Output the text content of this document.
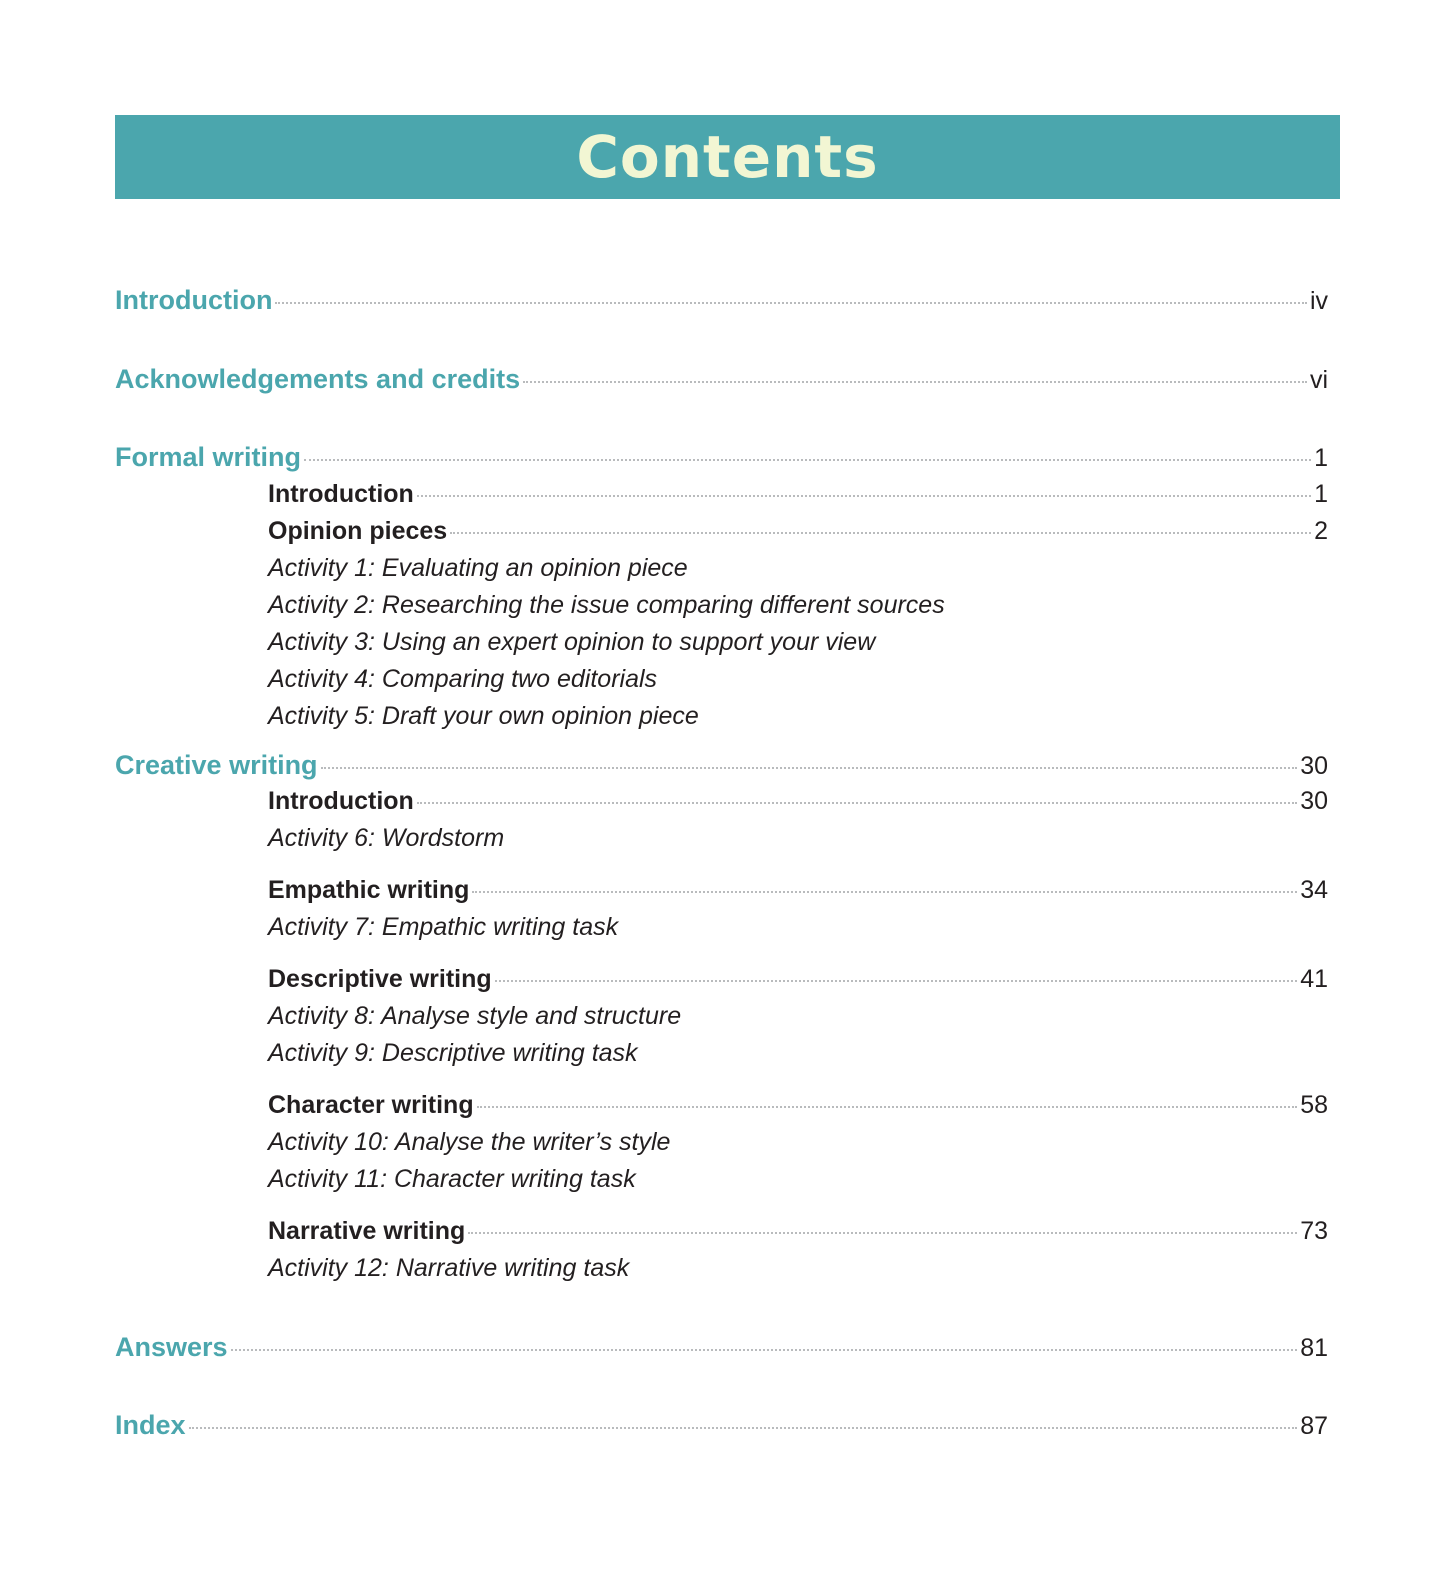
Contents
Introduction	iv
Acknowledgements and credits	vi
Formal writing	1
Introduction	1
Opinion pieces	2
Activity 1: Evaluating an opinion piece
Activity 2: Researching the issue comparing different sources
Activity 3: Using an expert opinion to support your view
Activity 4: Comparing two editorials
Activity 5: Draft your own opinion piece
Creative writing	30
Introduction	30
Activity 6: Wordstorm
Empathic writing	34
Activity 7: Empathic writing task
Descriptive writing	41
Activity 8: Analyse style and structure
Activity 9: Descriptive writing task
Character writing	58
Activity 10: Analyse the writer’s style
Activity 11: Character writing task
Narrative writing	73
Activity 12: Narrative writing task
Answers	81
Index	87
